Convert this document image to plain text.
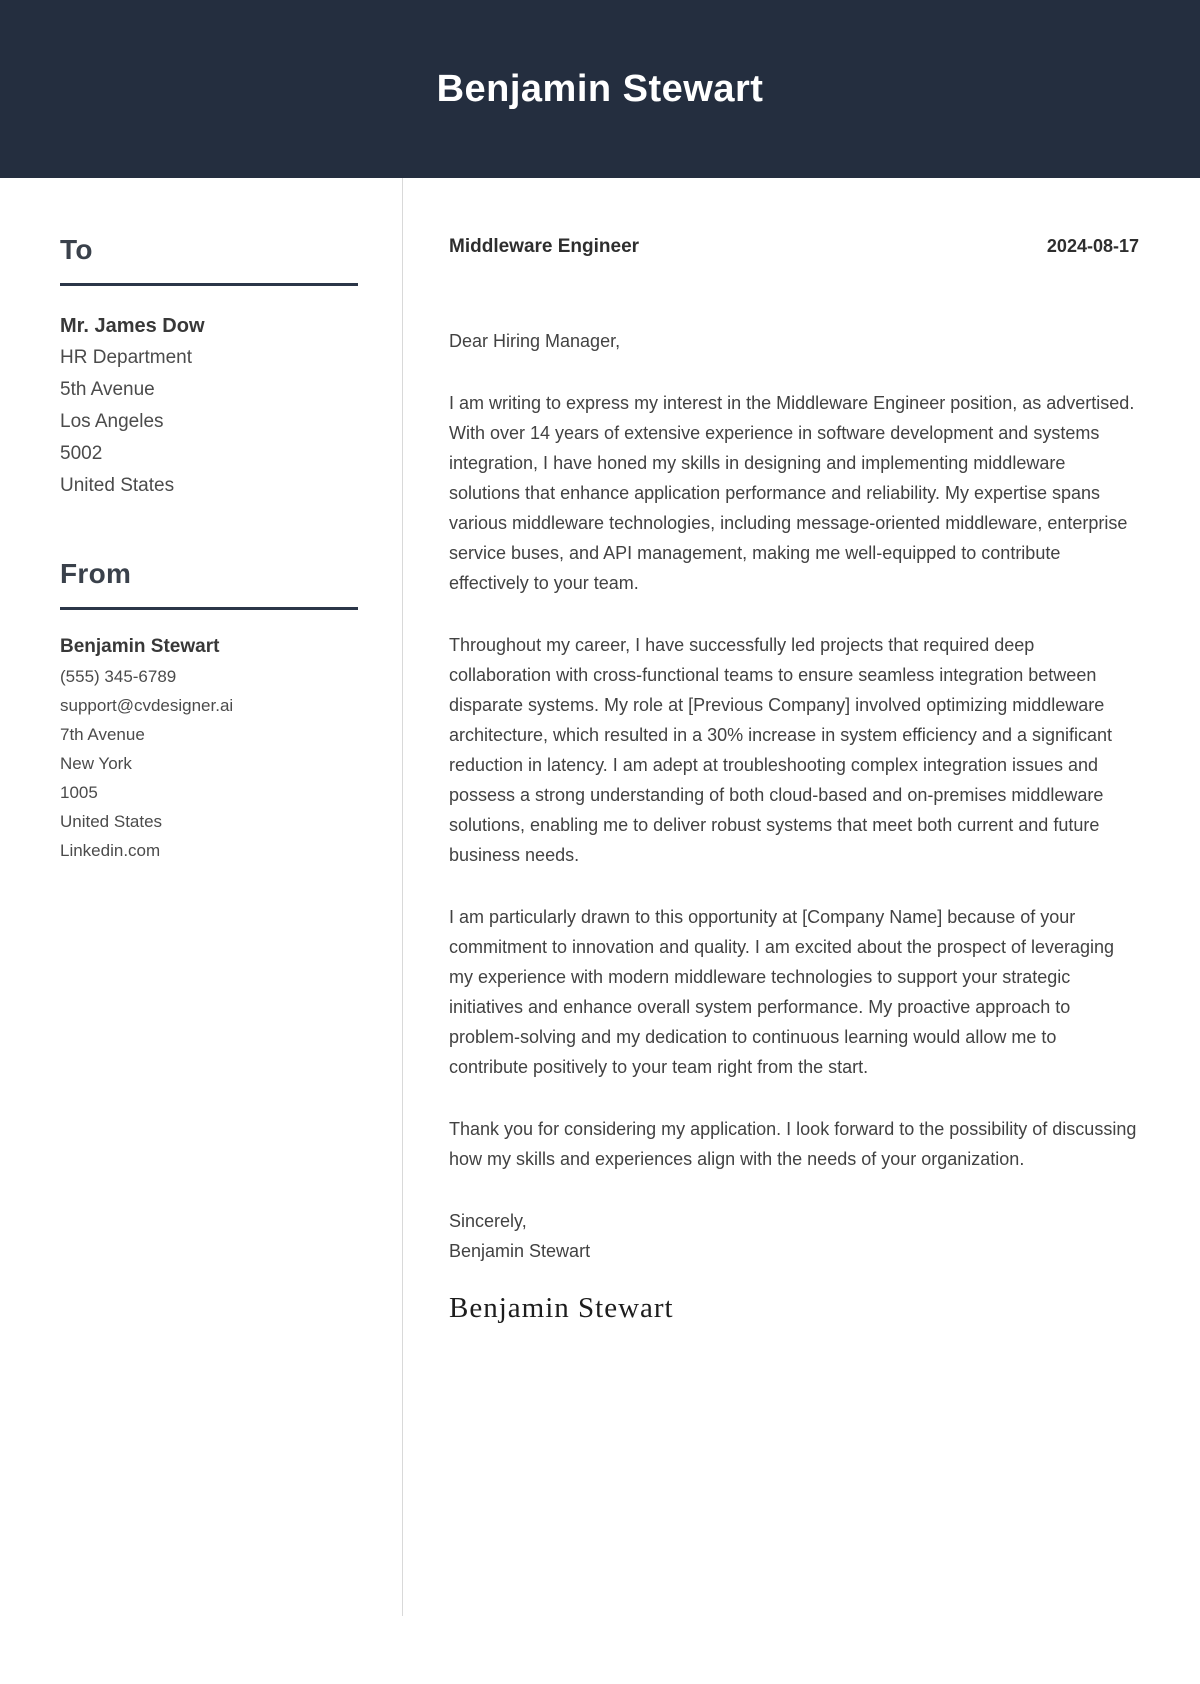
Benjamin Stewart
To

Mr. James Dow

HR Department

5th Avenue

Los Angeles

5002

United States

From

Benjamin Stewart

(555) 345-6789

support@cvdesigner.ai

7th Avenue

New York

1005

United States

Linkedin.com

Middleware Engineer	2024-08-17

Dear Hiring Manager,

I am writing to express my interest in the Middleware Engineer position, as advertised. With over 14 years of extensive experience in software development and systems integration, I have honed my skills in designing and implementing middleware solutions that enhance application performance and reliability. My expertise spans various middleware technologies, including message-oriented middleware, enterprise service buses, and API management, making me well-equipped to contribute effectively to your team.

Throughout my career, I have successfully led projects that required deep collaboration with cross-functional teams to ensure seamless integration between disparate systems. My role at [Previous Company] involved optimizing middleware architecture, which resulted in a 30% increase in system efficiency and a significant reduction in latency. I am adept at troubleshooting complex integration issues and possess a strong understanding of both cloud-based and on-premises middleware solutions, enabling me to deliver robust systems that meet both current and future business needs.

I am particularly drawn to this opportunity at [Company Name] because of your commitment to innovation and quality. I am excited about the prospect of leveraging my experience with modern middleware technologies to support your strategic initiatives and enhance overall system performance. My proactive approach to problem-solving and my dedication to continuous learning would allow me to contribute positively to your team right from the start.

Thank you for considering my application. I look forward to the possibility of discussing how my skills and experiences align with the needs of your organization.

Sincerely,

Benjamin Stewart

Benjamin Stewart
